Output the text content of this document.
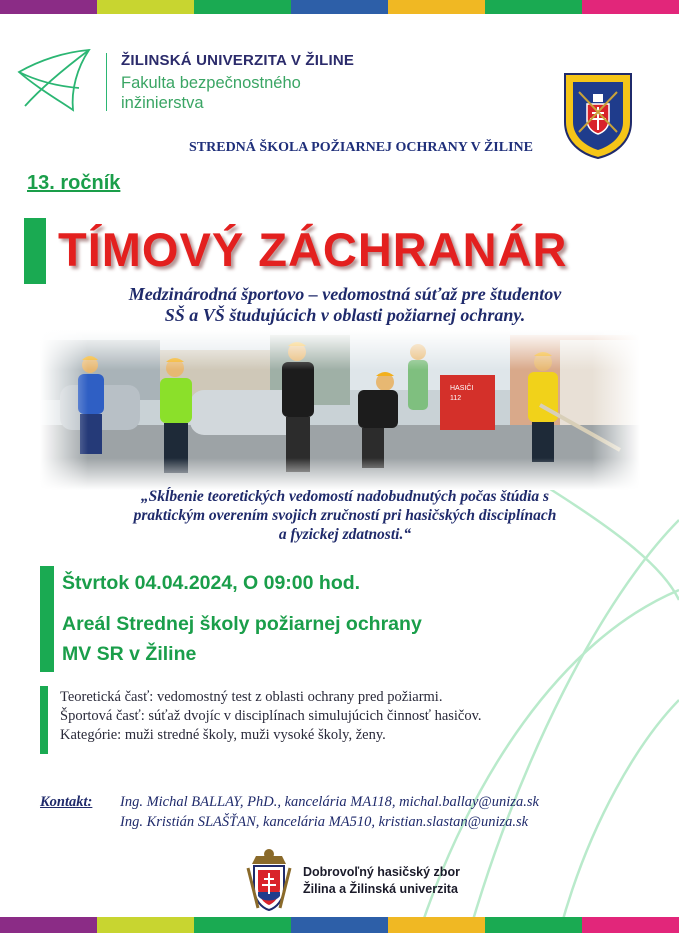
ŽILINSKÁ UNIVERZITA V ŽILINE
Fakulta bezpečnostného inžinierstva
STREDNÁ ŠKOLA POŽIARNEJ OCHRANY V ŽILINE
13. ročník
TÍMOVÝ ZÁCHRANÁR
Medzinárodná športovo – vedomostná súťaž pre študentov
SŠ a VŠ študujúcich v oblasti požiarnej ochrany.
„Skĺbenie teoretických vedomostí nadobudnutých počas štúdia s
praktickým overením svojich zručností pri hasičských disciplínach
a fyzickej zdatnosti.“
Štvrtok 04.04.2024, O 09:00 hod.
Areál Strednej školy požiarnej ochrany
MV SR v Žiline
Teoretická časť: vedomostný test z oblasti ochrany pred požiarmi.
Športová časť: súťaž dvojíc v disciplínach simulujúcich činnosť hasičov.
Kategórie: muži stredné školy, muži vysoké školy, ženy.
Kontakt: Ing. Michal BALLAY, PhD., kancelária MA118, michal.ballay@uniza.sk
Ing. Kristián SLAŠŤAN, kancelária MA510, kristian.slastan@uniza.sk
Dobrovoľný hasičský zbor
Žilina a Žilinská univerzita
